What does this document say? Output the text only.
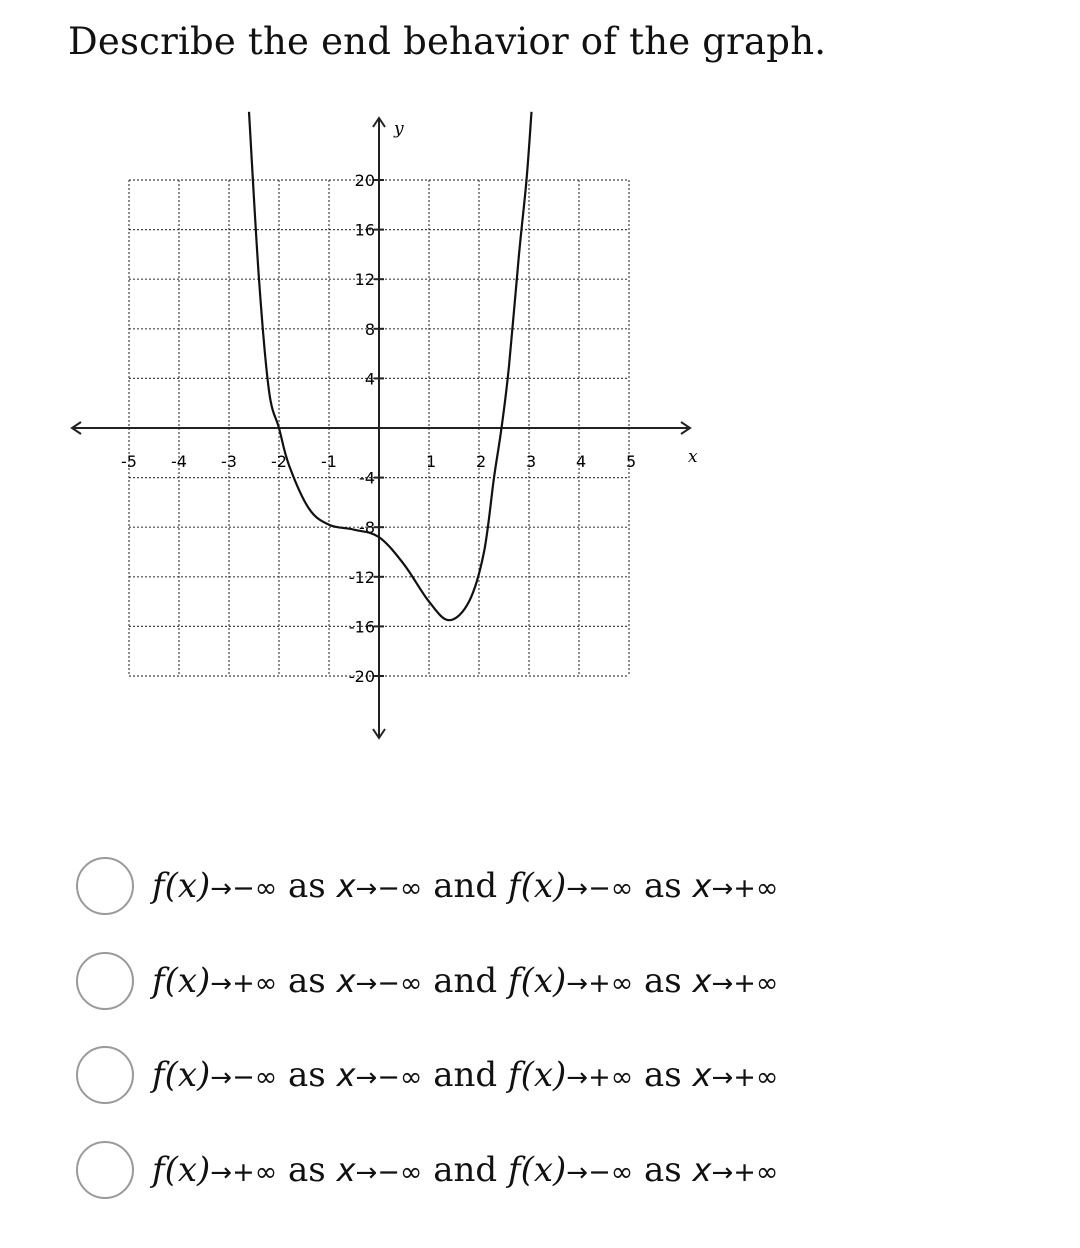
Describe the end behavior of the graph.
-5 -4 -3 -2 -1	1 2 3 4 5
20
16
12
8
4
-4
-8
-12
-16
-20
x
y
f(x)→−∞ as x→−∞ and f(x)→−∞ as x→+∞
f(x)→+∞ as x→−∞ and f(x)→+∞ as x→+∞
f(x)→−∞ as x→−∞ and f(x)→+∞ as x→+∞
f(x)→+∞ as x→−∞ and f(x)→−∞ as x→+∞
